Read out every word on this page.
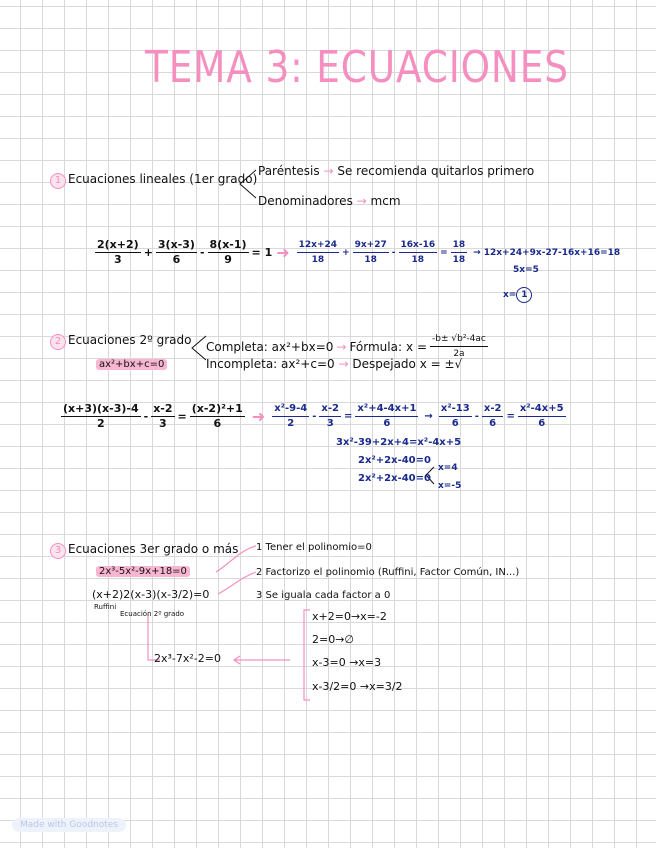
TEMA 3: ECUACIONES
1 Ecuaciones lineales (1er grado)
Paréntesis → Se recomienda quitarlos primero
Denominadores → mcm
$\frac{2(x+2)}{3} + \frac{3(x-3)}{6} - \frac{8(x-1)}{9} = 1$ ➜ $\frac{12x+24}{18} + \frac{9x+27}{18} - \frac{16x-16}{18} = \frac{18}{18} \to 12x+24+9x-27-16x+16=18$
5x=5
x= 1
2 Ecuaciones 2º grado
ax²+bx+c=0
Completa: ax²+bx=0 → Fórmula: $x = \frac{\text{-b± √b²-4ac}}{2a}$
Incompleta: ax²+c=0 → Despejado x = ±√
$\frac{(x+3)(x-3)-4}{2} - \frac{x-2}{3} = \frac{\text{(x-2)²+1}}{6}$ ➜ $\frac{\text{x²-9-4}}{2} - \frac{x-2}{3} = \frac{\text{x²+4-4x+1}}{6} \to \frac{\text{x²-13}}{6} - \frac{x-2}{6} = \frac{\text{x²-4x+5}}{6}$
3x²-39+2x+4=x²-4x+5
2x²+2x-40=0
2x²+2x-40=0
x=4
x=-5
3 Ecuaciones 3er grado o más
2x³-5x²-9x+18=0
(x+2)2(x-3)(x-3/2)=0
Ruffini
Ecuación 2º grado
1 Tener el polinomio=0
2 Factorizo el polinomio (Ruffini, Factor Común, IN...)
3 Se iguala cada factor a 0
2x³-7x²-2=0
x+2=0→x=-2
2=0→∅
x-3=0 →x=3
x-3/2=0 →x=3/2
Made with Goodnotes
